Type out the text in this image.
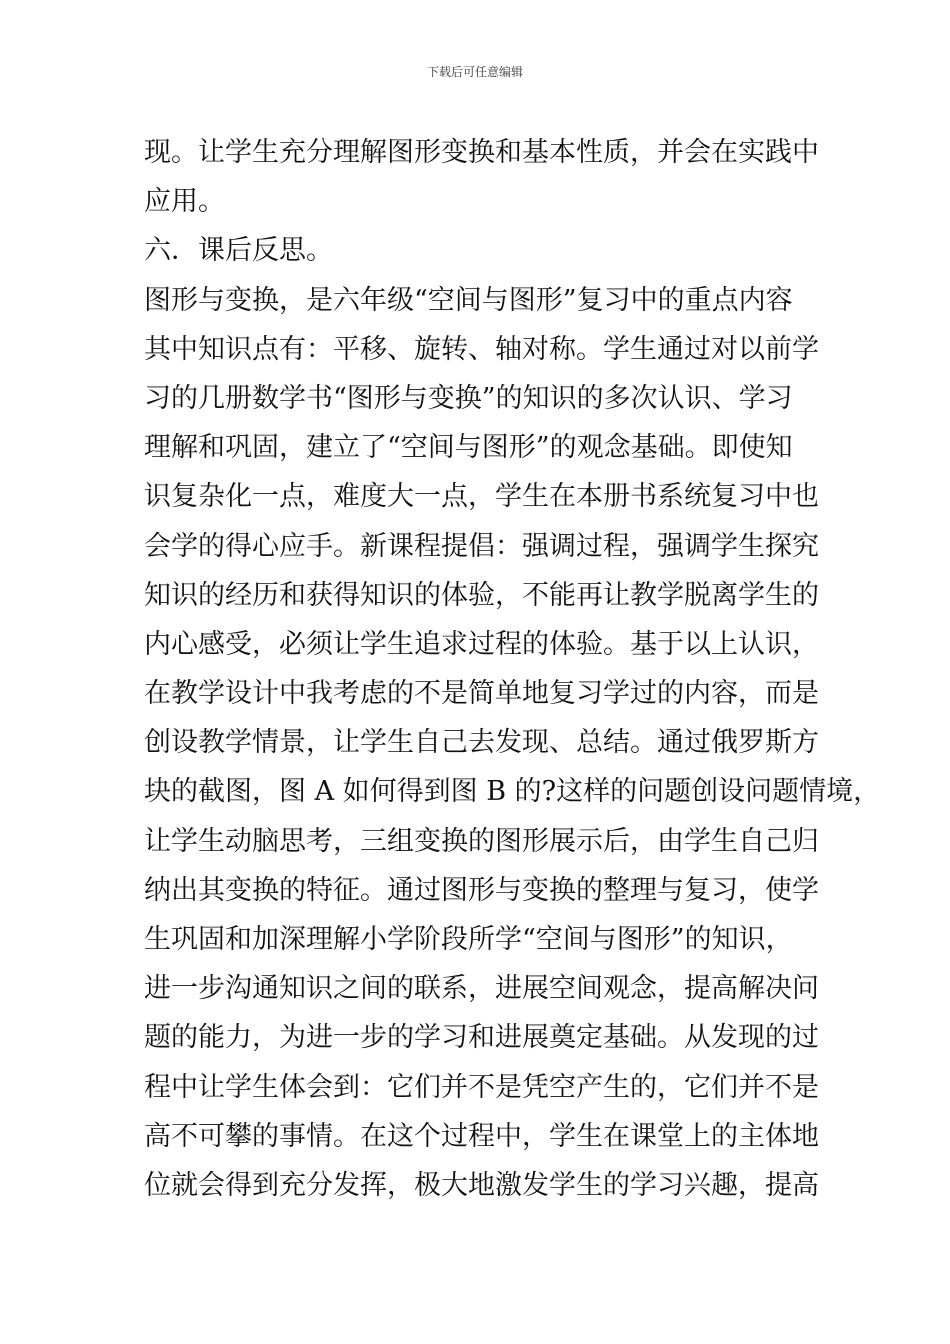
下载后可任意编辑
现。让学生充分理解图形变换和基本性质，并会在实践中
应用。
六．课后反思。
图形与变换，是六年级“空间与图形”复习中的重点内容
其中知识点有：平移、旋转、轴对称。学生通过对以前学
习的几册数学书“图形与变换”的知识的多次认识、学习
理解和巩固，建立了“空间与图形”的观念基础。即使知
识复杂化一点，难度大一点，学生在本册书系统复习中也
会学的得心应手。新课程提倡：强调过程，强调学生探究
知识的经历和获得知识的体验，不能再让教学脱离学生的
内心感受，必须让学生追求过程的体验。基于以上认识，
在教学设计中我考虑的不是简单地复习学过的内容，而是
创设教学情景，让学生自己去发现、总结。通过俄罗斯方
块的截图，图 A 如何得到图 B 的?这样的问题创设问题情境，
让学生动脑思考，三组变换的图形展示后，由学生自己归
纳出其变换的特征。通过图形与变换的整理与复习，使学
生巩固和加深理解小学阶段所学“空间与图形”的知识，
进一步沟通知识之间的联系，进展空间观念，提高解决问
题的能力，为进一步的学习和进展奠定基础。从发现的过
程中让学生体会到：它们并不是凭空产生的，它们并不是
高不可攀的事情。在这个过程中，学生在课堂上的主体地
位就会得到充分发挥，极大地激发学生的学习兴趣，提高
